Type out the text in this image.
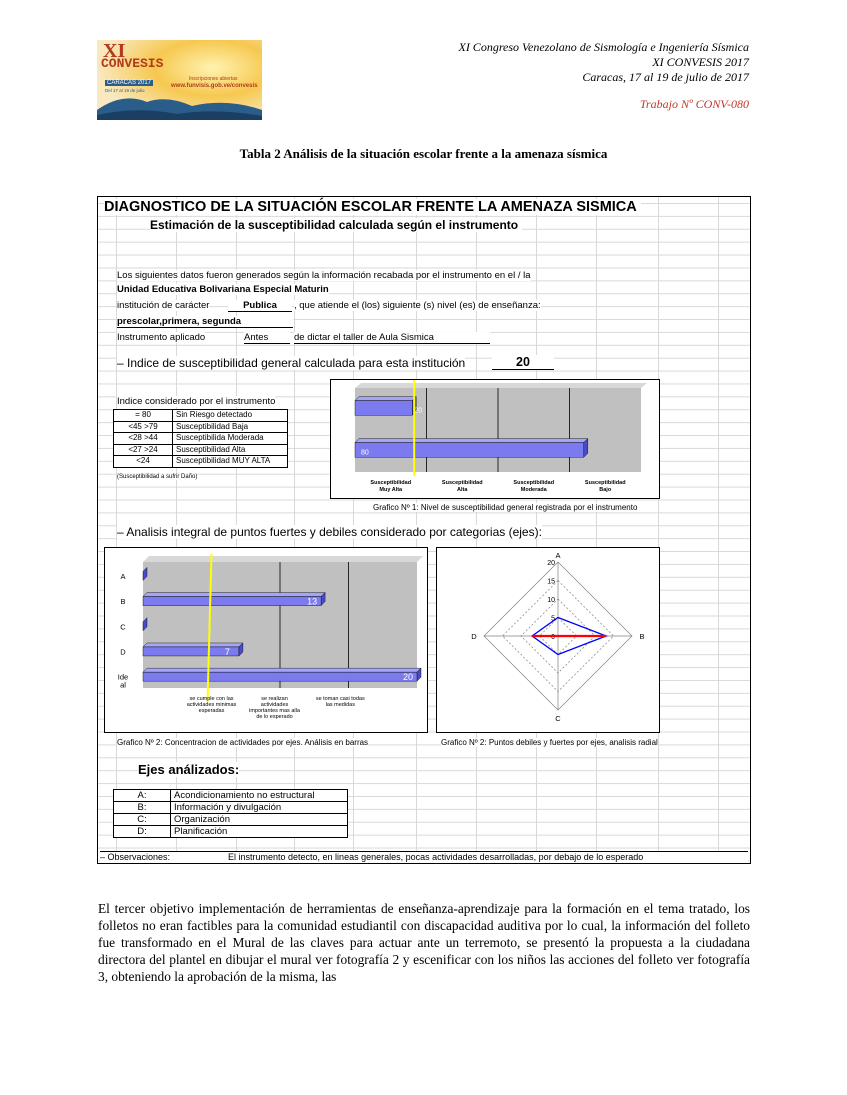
XI
CONVESIS
CARACAS 2017
Del 17 al 19 de julio
Inscripciones abiertas
www.funvisis.gob.ve/convesis
XI Congreso Venezolano de Sismología e Ingeniería Sísmica
XI CONVESIS 2017
Caracas, 17 al 19 de julio de 2017
Trabajo Nº CONV-080
Tabla 2 Análisis de la situación escolar frente a la amenaza sísmica
DIAGNOSTICO DE LA SITUACIÓN ESCOLAR FRENTE LA AMENAZA SISMICA
Estimación de la susceptibilidad calculada según el instrumento
Los siguientes datos fueron generados según la información recabada por el instrumento en el / la
Unidad Educativa Bolivariana Especial Maturin
institución de carácter	Publica	, que atiende el (los) siguiente (s) nivel (es) de enseñanza:
prescolar,primera, segunda
Instrumento aplicado	Antes	de dictar el taller de Aula Sismica
– Indice de susceptibilidad general calculada para esta institución	20
Indice considerado por el instrumento
= 80	Sin Riesgo detectado
<45 >79	Susceptibilidad Baja
<28 >44	Susceptibilida Moderada
<27 >24	Susceptibilidad Alta
<24	Susceptibilidad MUY ALTA
(Susceptibilidad a sufrir Daño)
20
80
Susceptibilidad
Muy Alta
Susceptibilidad
Alta
Susceptibilidad
Moderada
Susceptibilidad
Bajo
Grafico Nº 1: Nivel de susceptibilidad general registrada por el instrumento
– Analisis integral de puntos fuertes y debiles considerado por categorias (ejes):
A
B	13
C
D	7
Ide
al
20
se cumple con las
actividades minimas
esperadas
se realizan
actividades
importantes mas alla
de lo esperado
se toman casi todas
las medidas
20
15
10
5
0
A
B
C
D
Grafico Nº 2: Concentracion de actividades por ejes. Análisis en barras	Grafico Nº 2: Puntos debiles y fuertes por ejes, analisis radial
Ejes análizados:
A:	Acondicionamiento no estructural
B:	Información y divulgación
C:	Organización
D:	Planificación
– Observaciones:	El instrumento detecto, en lineas generales, pocas actividades desarrolladas, por debajo de lo esperado
El tercer objetivo implementación de herramientas de enseñanza-aprendizaje para la formación en el tema tratado, los folletos no eran factibles para la comunidad estudiantil con discapacidad auditiva por lo cual, la información del folleto fue transformado en el Mural de las claves para actuar ante un terremoto, se presentó la propuesta a la ciudadana directora del plantel en dibujar el mural ver fotografía 2 y escenificar con los niños las acciones del folleto ver fotografía 3, obteniendo la aprobación de la misma, las
